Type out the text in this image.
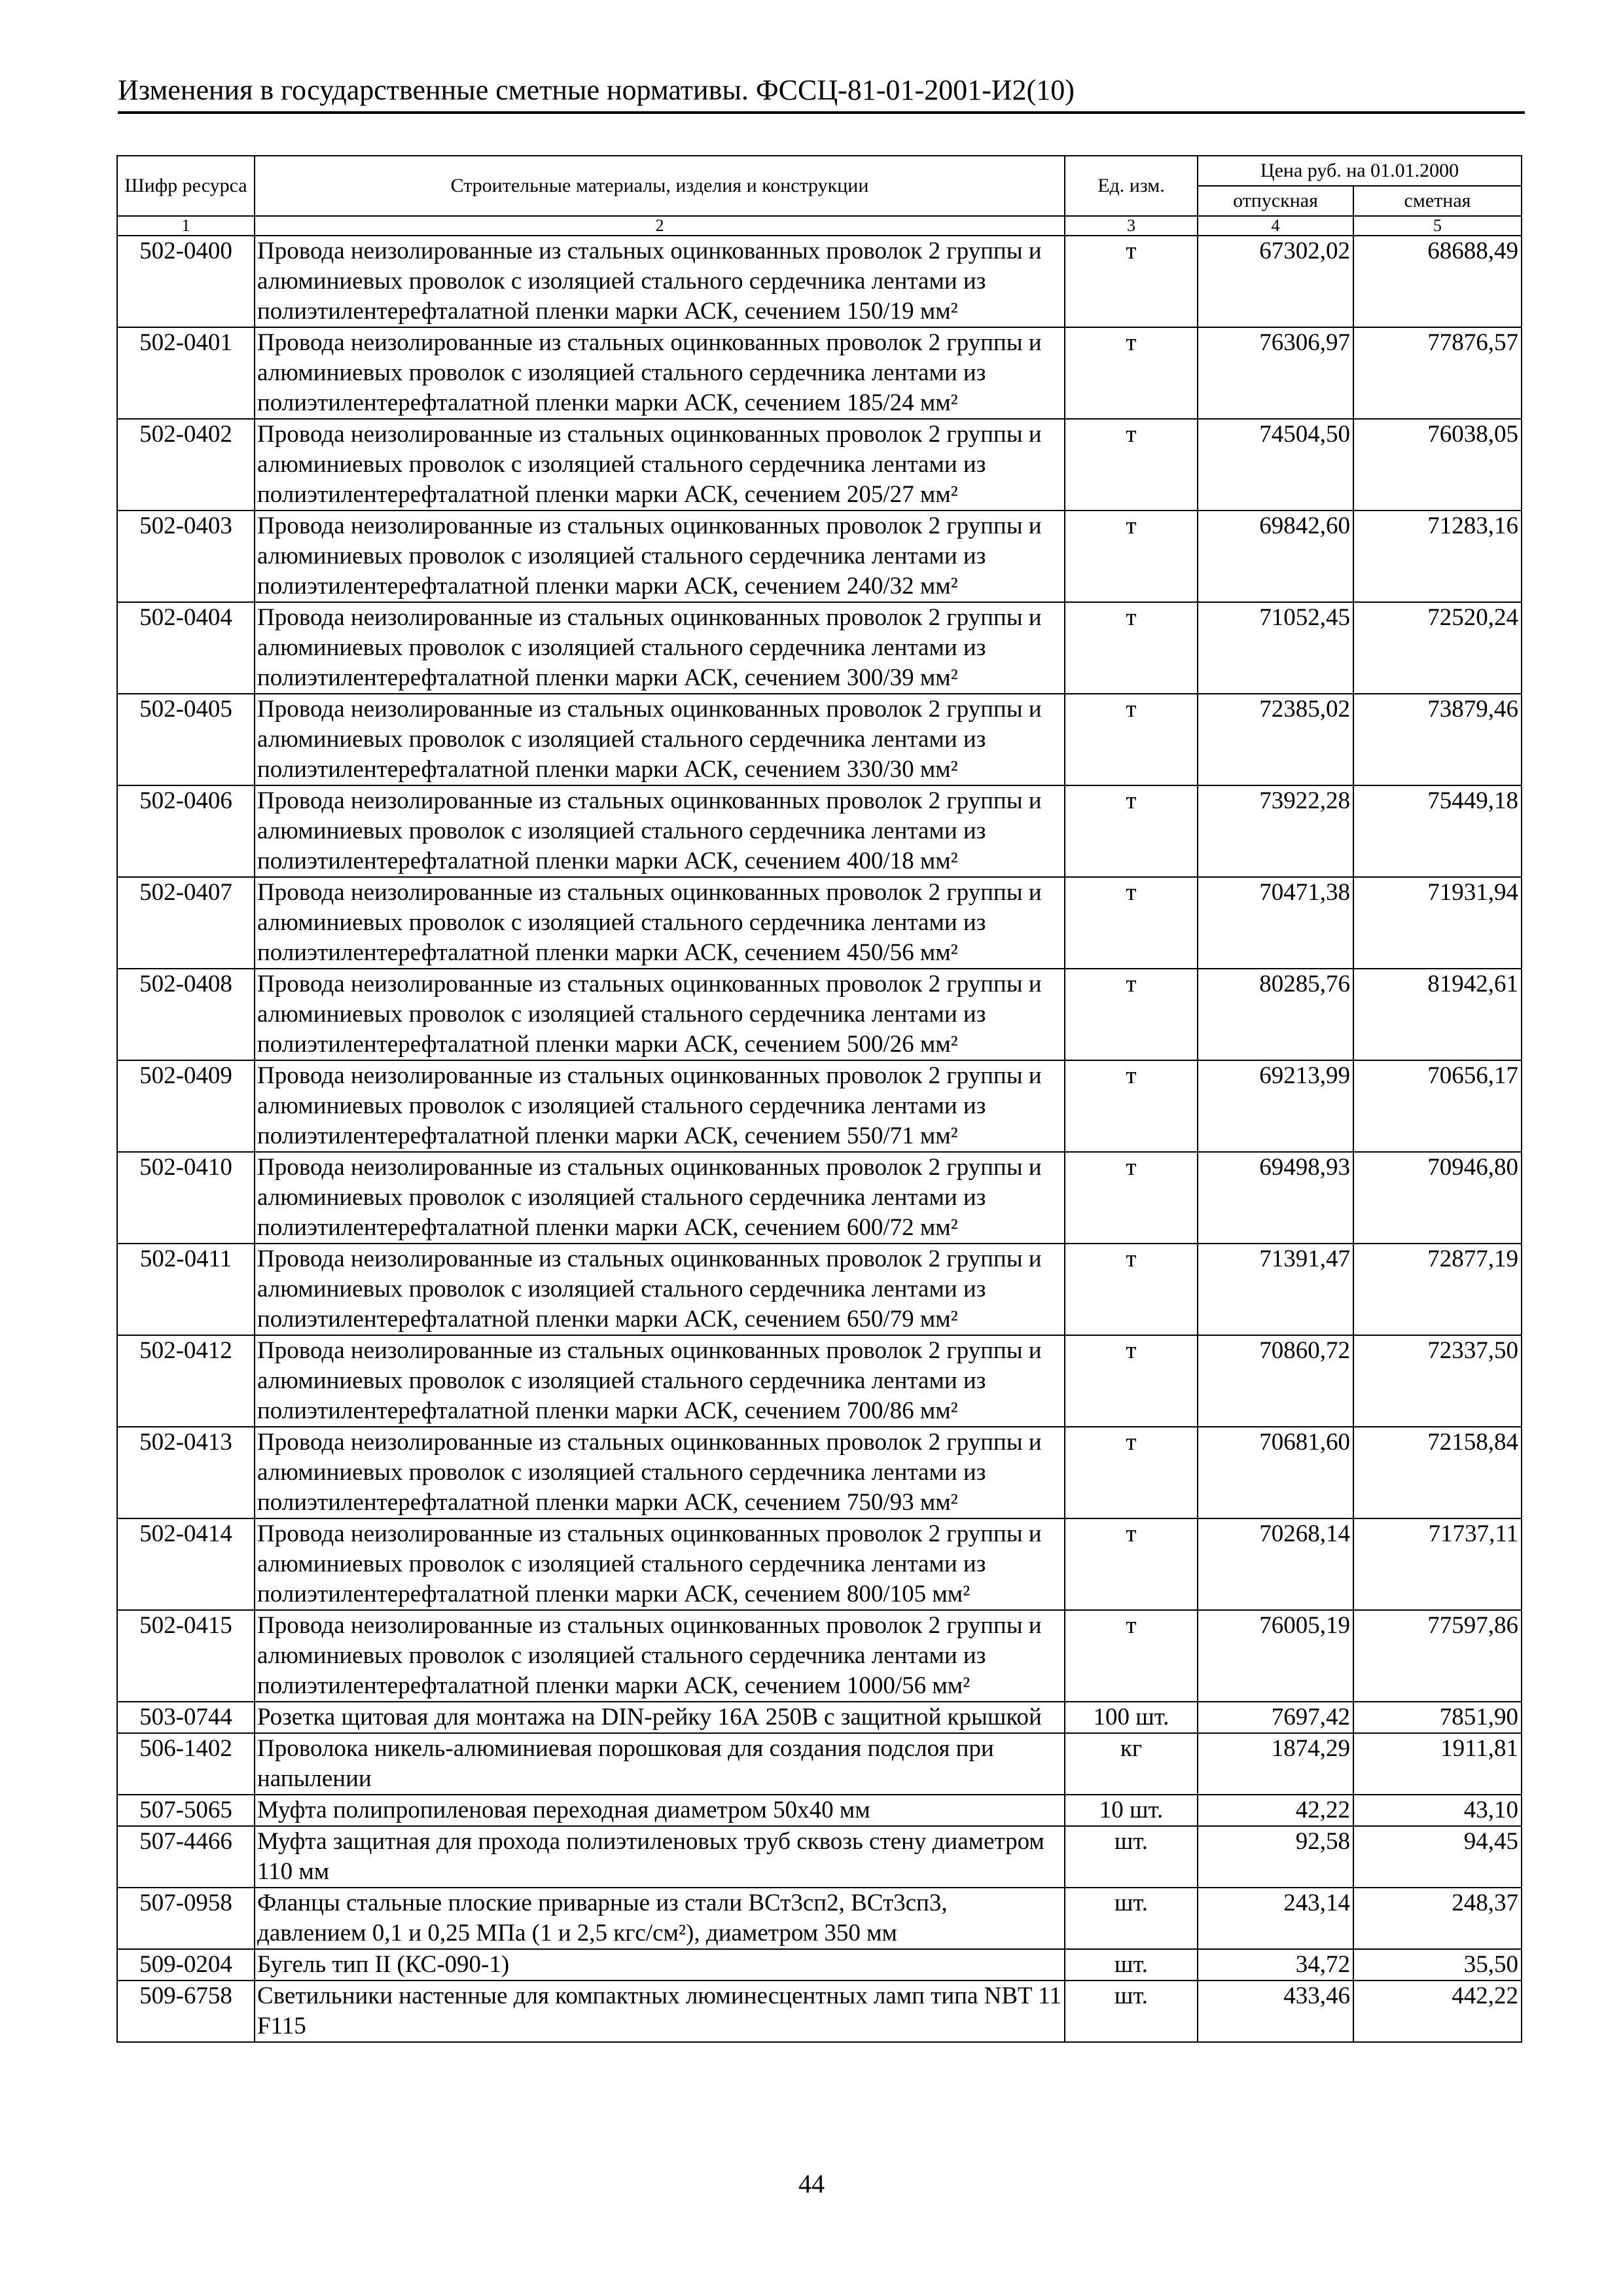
Изменения в государственные сметные нормативы. ФССЦ-81-01-2001-И2(10)
Шифр ресурса	Строительные материалы, изделия и конструкции	Ед. изм.	Цена руб. на 01.01.2000	
			отпускная	сметная
1	2	3	4	5
502-0400	Провода неизолированные из стальных оцинкованных проволок 2 группы и алюминиевых проволок с изоляцией стального сердечника лентами из полиэтилентерефталатной пленки марки АСК, сечением 150/19 мм²	т	67302,02	68688,49
502-0401	Провода неизолированные из стальных оцинкованных проволок 2 группы и алюминиевых проволок с изоляцией стального сердечника лентами из полиэтилентерефталатной пленки марки АСК, сечением 185/24 мм²	т	76306,97	77876,57
502-0402	Провода неизолированные из стальных оцинкованных проволок 2 группы и алюминиевых проволок с изоляцией стального сердечника лентами из полиэтилентерефталатной пленки марки АСК, сечением 205/27 мм²	т	74504,50	76038,05
502-0403	Провода неизолированные из стальных оцинкованных проволок 2 группы и алюминиевых проволок с изоляцией стального сердечника лентами из полиэтилентерефталатной пленки марки АСК, сечением 240/32 мм²	т	69842,60	71283,16
502-0404	Провода неизолированные из стальных оцинкованных проволок 2 группы и алюминиевых проволок с изоляцией стального сердечника лентами из полиэтилентерефталатной пленки марки АСК, сечением 300/39 мм²	т	71052,45	72520,24
502-0405	Провода неизолированные из стальных оцинкованных проволок 2 группы и алюминиевых проволок с изоляцией стального сердечника лентами из полиэтилентерефталатной пленки марки АСК, сечением 330/30 мм²	т	72385,02	73879,46
502-0406	Провода неизолированные из стальных оцинкованных проволок 2 группы и алюминиевых проволок с изоляцией стального сердечника лентами из полиэтилентерефталатной пленки марки АСК, сечением 400/18 мм²	т	73922,28	75449,18
502-0407	Провода неизолированные из стальных оцинкованных проволок 2 группы и алюминиевых проволок с изоляцией стального сердечника лентами из полиэтилентерефталатной пленки марки АСК, сечением 450/56 мм²	т	70471,38	71931,94
502-0408	Провода неизолированные из стальных оцинкованных проволок 2 группы и алюминиевых проволок с изоляцией стального сердечника лентами из полиэтилентерефталатной пленки марки АСК, сечением 500/26 мм²	т	80285,76	81942,61
502-0409	Провода неизолированные из стальных оцинкованных проволок 2 группы и алюминиевых проволок с изоляцией стального сердечника лентами из полиэтилентерефталатной пленки марки АСК, сечением 550/71 мм²	т	69213,99	70656,17
502-0410	Провода неизолированные из стальных оцинкованных проволок 2 группы и алюминиевых проволок с изоляцией стального сердечника лентами из полиэтилентерефталатной пленки марки АСК, сечением 600/72 мм²	т	69498,93	70946,80
502-0411	Провода неизолированные из стальных оцинкованных проволок 2 группы и алюминиевых проволок с изоляцией стального сердечника лентами из полиэтилентерефталатной пленки марки АСК, сечением 650/79 мм²	т	71391,47	72877,19
502-0412	Провода неизолированные из стальных оцинкованных проволок 2 группы и алюминиевых проволок с изоляцией стального сердечника лентами из полиэтилентерефталатной пленки марки АСК, сечением 700/86 мм²	т	70860,72	72337,50
502-0413	Провода неизолированные из стальных оцинкованных проволок 2 группы и алюминиевых проволок с изоляцией стального сердечника лентами из полиэтилентерефталатной пленки марки АСК, сечением 750/93 мм²	т	70681,60	72158,84
502-0414	Провода неизолированные из стальных оцинкованных проволок 2 группы и алюминиевых проволок с изоляцией стального сердечника лентами из полиэтилентерефталатной пленки марки АСК, сечением 800/105 мм²	т	70268,14	71737,11
502-0415	Провода неизолированные из стальных оцинкованных проволок 2 группы и алюминиевых проволок с изоляцией стального сердечника лентами из полиэтилентерефталатной пленки марки АСК, сечением 1000/56 мм²	т	76005,19	77597,86
503-0744	Розетка щитовая для монтажа на DIN-рейку 16А 250В с защитной крышкой	100 шт.	7697,42	7851,90
506-1402	Проволока никель-алюминиевая порошковая для создания подслоя при напылении	кг	1874,29	1911,81
507-5065	Муфта полипропиленовая переходная диаметром 50х40 мм	10 шт.	42,22	43,10
507-4466	Муфта защитная для прохода полиэтиленовых труб сквозь стену диаметром 110 мм	шт.	92,58	94,45
507-0958	Фланцы стальные плоские приварные из стали ВСт3сп2, ВСт3сп3, давлением 0,1 и 0,25 МПа (1 и 2,5 кгс/см²), диаметром 350 мм	шт.	243,14	248,37
509-0204	Бугель тип II (КС-090-1)	шт.	34,72	35,50
509-6758	Светильники настенные для компактных люминесцентных ламп типа NBT 11 F115	шт.	433,46	442,22
44
